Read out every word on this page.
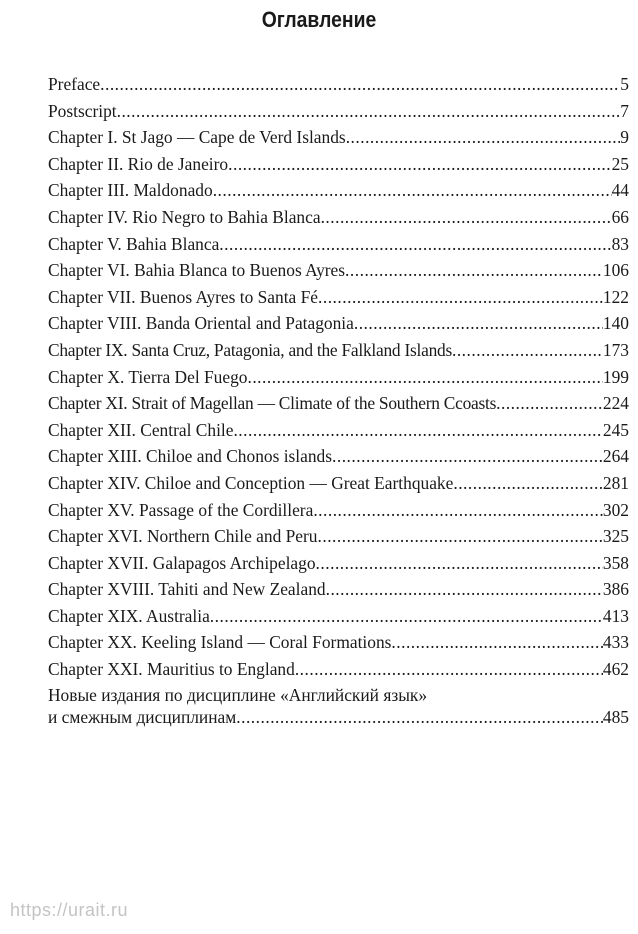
Оглавление
Preface .....	5
Postscript .....	7
Chapter I. St Jago — Cape de Verd Islands .....	9
Chapter II. Rio de Janeiro .....	25
Chapter III. Maldonado .....	44
Chapter IV. Rio Negro to Bahia Blanca .....	66
Chapter V. Bahia Blanca .....	83
Chapter VI. Bahia Blanca to Buenos Ayres .....	106
Chapter VII. Buenos Ayres to Santa Fé .....	122
Chapter VIII. Banda Oriental and Patagonia .....	140
Chapter IX. Santa Cruz, Patagonia, and the Falkland Islands .....	173
Chapter X. Tierra Del Fuego .....	199
Chapter XI. Strait of Magellan — Climate of the Southern Ccoasts .....	224
Chapter XII. Central Chile .....	245
Chapter XIII. Chiloe and Chonos islands .....	264
Chapter XIV. Chiloe and Conception — Great Earthquake .....	281
Chapter XV. Passage of the Cordillera .....	302
Chapter XVI. Northern Chile and Peru .....	325
Chapter XVII. Galapagos Archipelago .....	358
Chapter XVIII. Tahiti and New Zealand .....	386
Chapter XIX. Australia .....	413
Chapter XX. Keeling Island — Coral Formations .....	433
Chapter XXI. Mauritius to England .....	462
Новые издания по дисциплине «Английский язык»
и смежным дисциплинам .....	485
https://urait.ru
